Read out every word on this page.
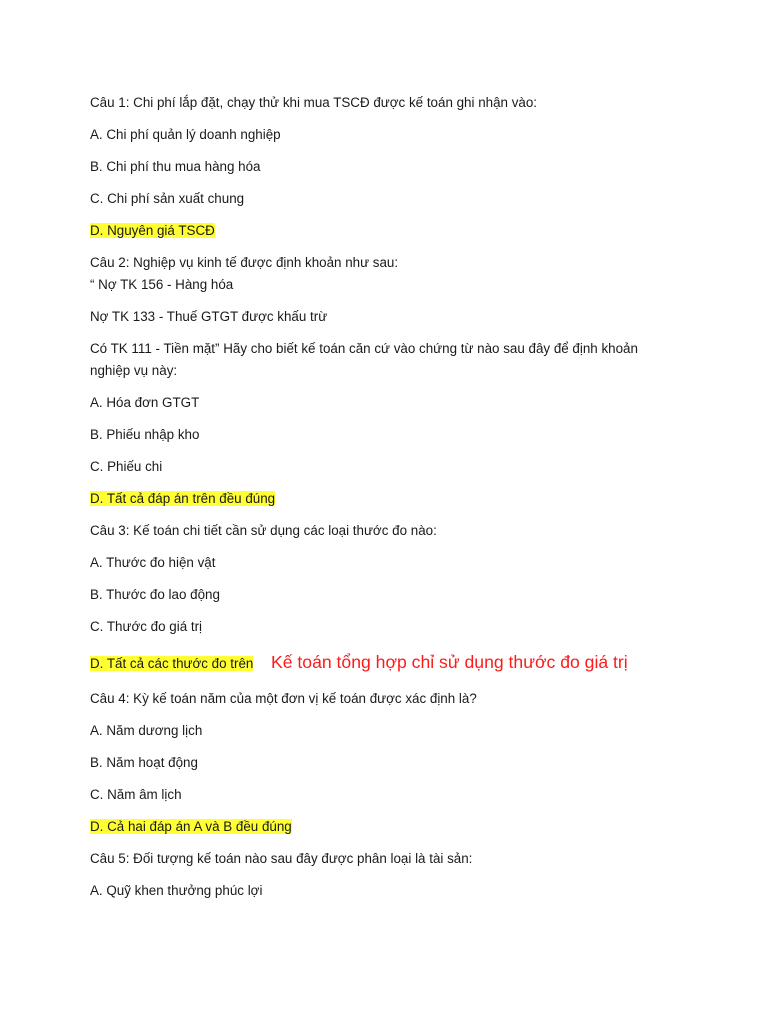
Câu 1: Chi phí lắp đặt, chạy thử khi mua TSCĐ được kế toán ghi nhận vào:
A. Chi phí quản lý doanh nghiệp
B. Chi phí thu mua hàng hóa
C. Chi phí sản xuất chung
D. Nguyên giá TSCĐ
Câu 2: Nghiệp vụ kinh tế được định khoản như sau:
“ Nợ TK 156 - Hàng hóa
Nợ TK 133 - Thuế GTGT được khấu trừ
Có TK 111 - Tiền mặt” Hãy cho biết kế toán căn cứ vào chứng từ nào sau đây để định khoản
nghiệp vụ này:
A. Hóa đơn GTGT
B. Phiếu nhập kho
C. Phiếu chi
D. Tất cả đáp án trên đều đúng
Câu 3: Kế toán chi tiết cần sử dụng các loại thước đo nào:
A. Thước đo hiện vật
B. Thước đo lao động
C. Thước đo giá trị
D. Tất cả các thước đo trên Kế toán tổng hợp chỉ sử dụng thước đo giá trị
Câu 4: Kỳ kế toán năm của một đơn vị kế toán được xác định là?
A. Năm dương lịch
B. Năm hoạt động
C. Năm âm lịch
D. Cả hai đáp án A và B đều đúng
Câu 5: Đối tượng kế toán nào sau đây được phân loại là tài sản:
A. Quỹ khen thưởng phúc lợi
